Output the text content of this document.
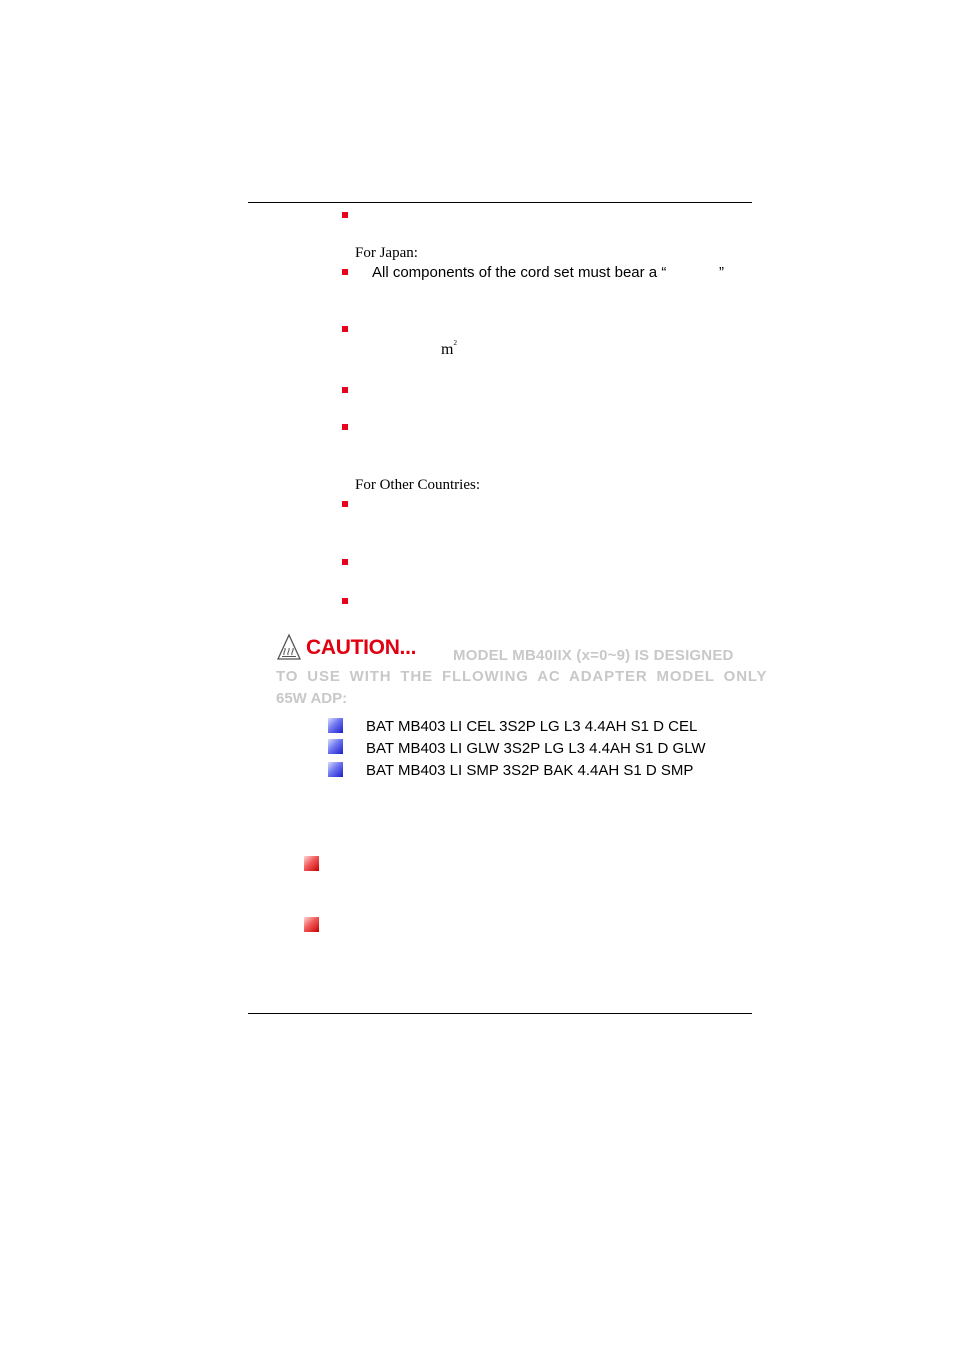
For Japan:
All components of the cord set must bear a “	”
$m^2$
For Other Countries:
CAUTION... MODEL MB40IIX (x=0~9) IS DESIGNED
TO USE WITH THE FLLOWING AC ADAPTER MODEL ONLY
65W ADP:
BAT MB403 LI CEL 3S2P LG L3 4.4AH S1 D CEL
BAT MB403 LI GLW 3S2P LG L3 4.4AH S1 D GLW
BAT MB403 LI SMP 3S2P BAK 4.4AH S1 D SMP
